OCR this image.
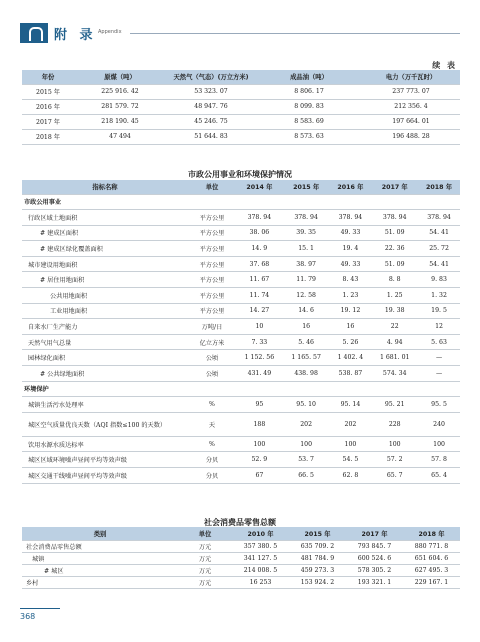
附 录 Appendix
续 表
年份	原煤（吨）	天然气（气态）(万立方米)	成品油（吨）	电力（万千瓦时）
2015 年	225 916. 42	53 323. 07	8 806. 17	237 773. 07
2016 年	281 579. 72	48 947. 76	8 099. 83	212 356. 4
2017 年	218 190. 45	45 246. 75	8 583. 69	197 664. 01
2018 年	47 494	51 644. 83	8 573. 63	196 488. 28
市政公用事业和环境保护情况
指标名称	单位	2014 年	2015 年	2016 年	2017 年	2018 年
市政公用事业						
行政区域土地面积	平方公里	378. 94	378. 94	378. 94	378. 94	378. 94
# 建成区面积	平方公里	38. 06	39. 35	49. 33	51. 09	54. 41
# 建成区绿化覆盖面积	平方公里	14. 9	15. 1	19. 4	22. 36	25. 72
城市建设用地面积	平方公里	37. 68	38. 97	49. 33	51. 09	54. 41
# 居住用地面积	平方公里	11. 67	11. 79	8. 43	8. 8	9. 83
公共用地面积	平方公里	11. 74	12. 58	1. 23	1. 25	1. 32
工业用地面积	平方公里	14. 27	14. 6	19. 12	19. 38	19. 5
自来水厂生产能力	万吨/日	10	16	16	22	12
天然气用气总量	亿立方米	7. 33	5. 46	5. 26	4. 94	5. 63
园林绿化面积	公顷	1 152. 56	1 165. 57	1 402. 4	1 681. 01	—
# 公共绿地面积	公顷	431. 49	438. 98	538. 87	574. 34	—
环境保护						
城镇生活污水处理率	%	95	95. 10	95. 14	95. 21	95. 5
城区空气质量优良天数（AQI 指数≤100 的天数）	天	188	202	202	228	240
饮用水源水质达标率	%	100	100	100	100	100
城区区域环境噪声昼间平均等效声级	分贝	52. 9	53. 7	54. 5	57. 2	57. 8
城区交通干线噪声昼间平均等效声级	分贝	67	66. 5	62. 8	65. 7	65. 4
社会消费品零售总额
类别	单位	2010 年	2015 年	2017 年	2018 年
社会消费品零售总额	万元	357 380. 5	635 709. 2	793 845. 7	880 771. 8
城镇	万元	341 127. 5	481 784. 9	600 524. 6	651 604. 6
# 城区	万元	214 008. 5	459 273. 3	578 305. 2	627 495. 3
乡村	万元	16 253	153 924. 2	193 321. 1	229 167. 1
368
